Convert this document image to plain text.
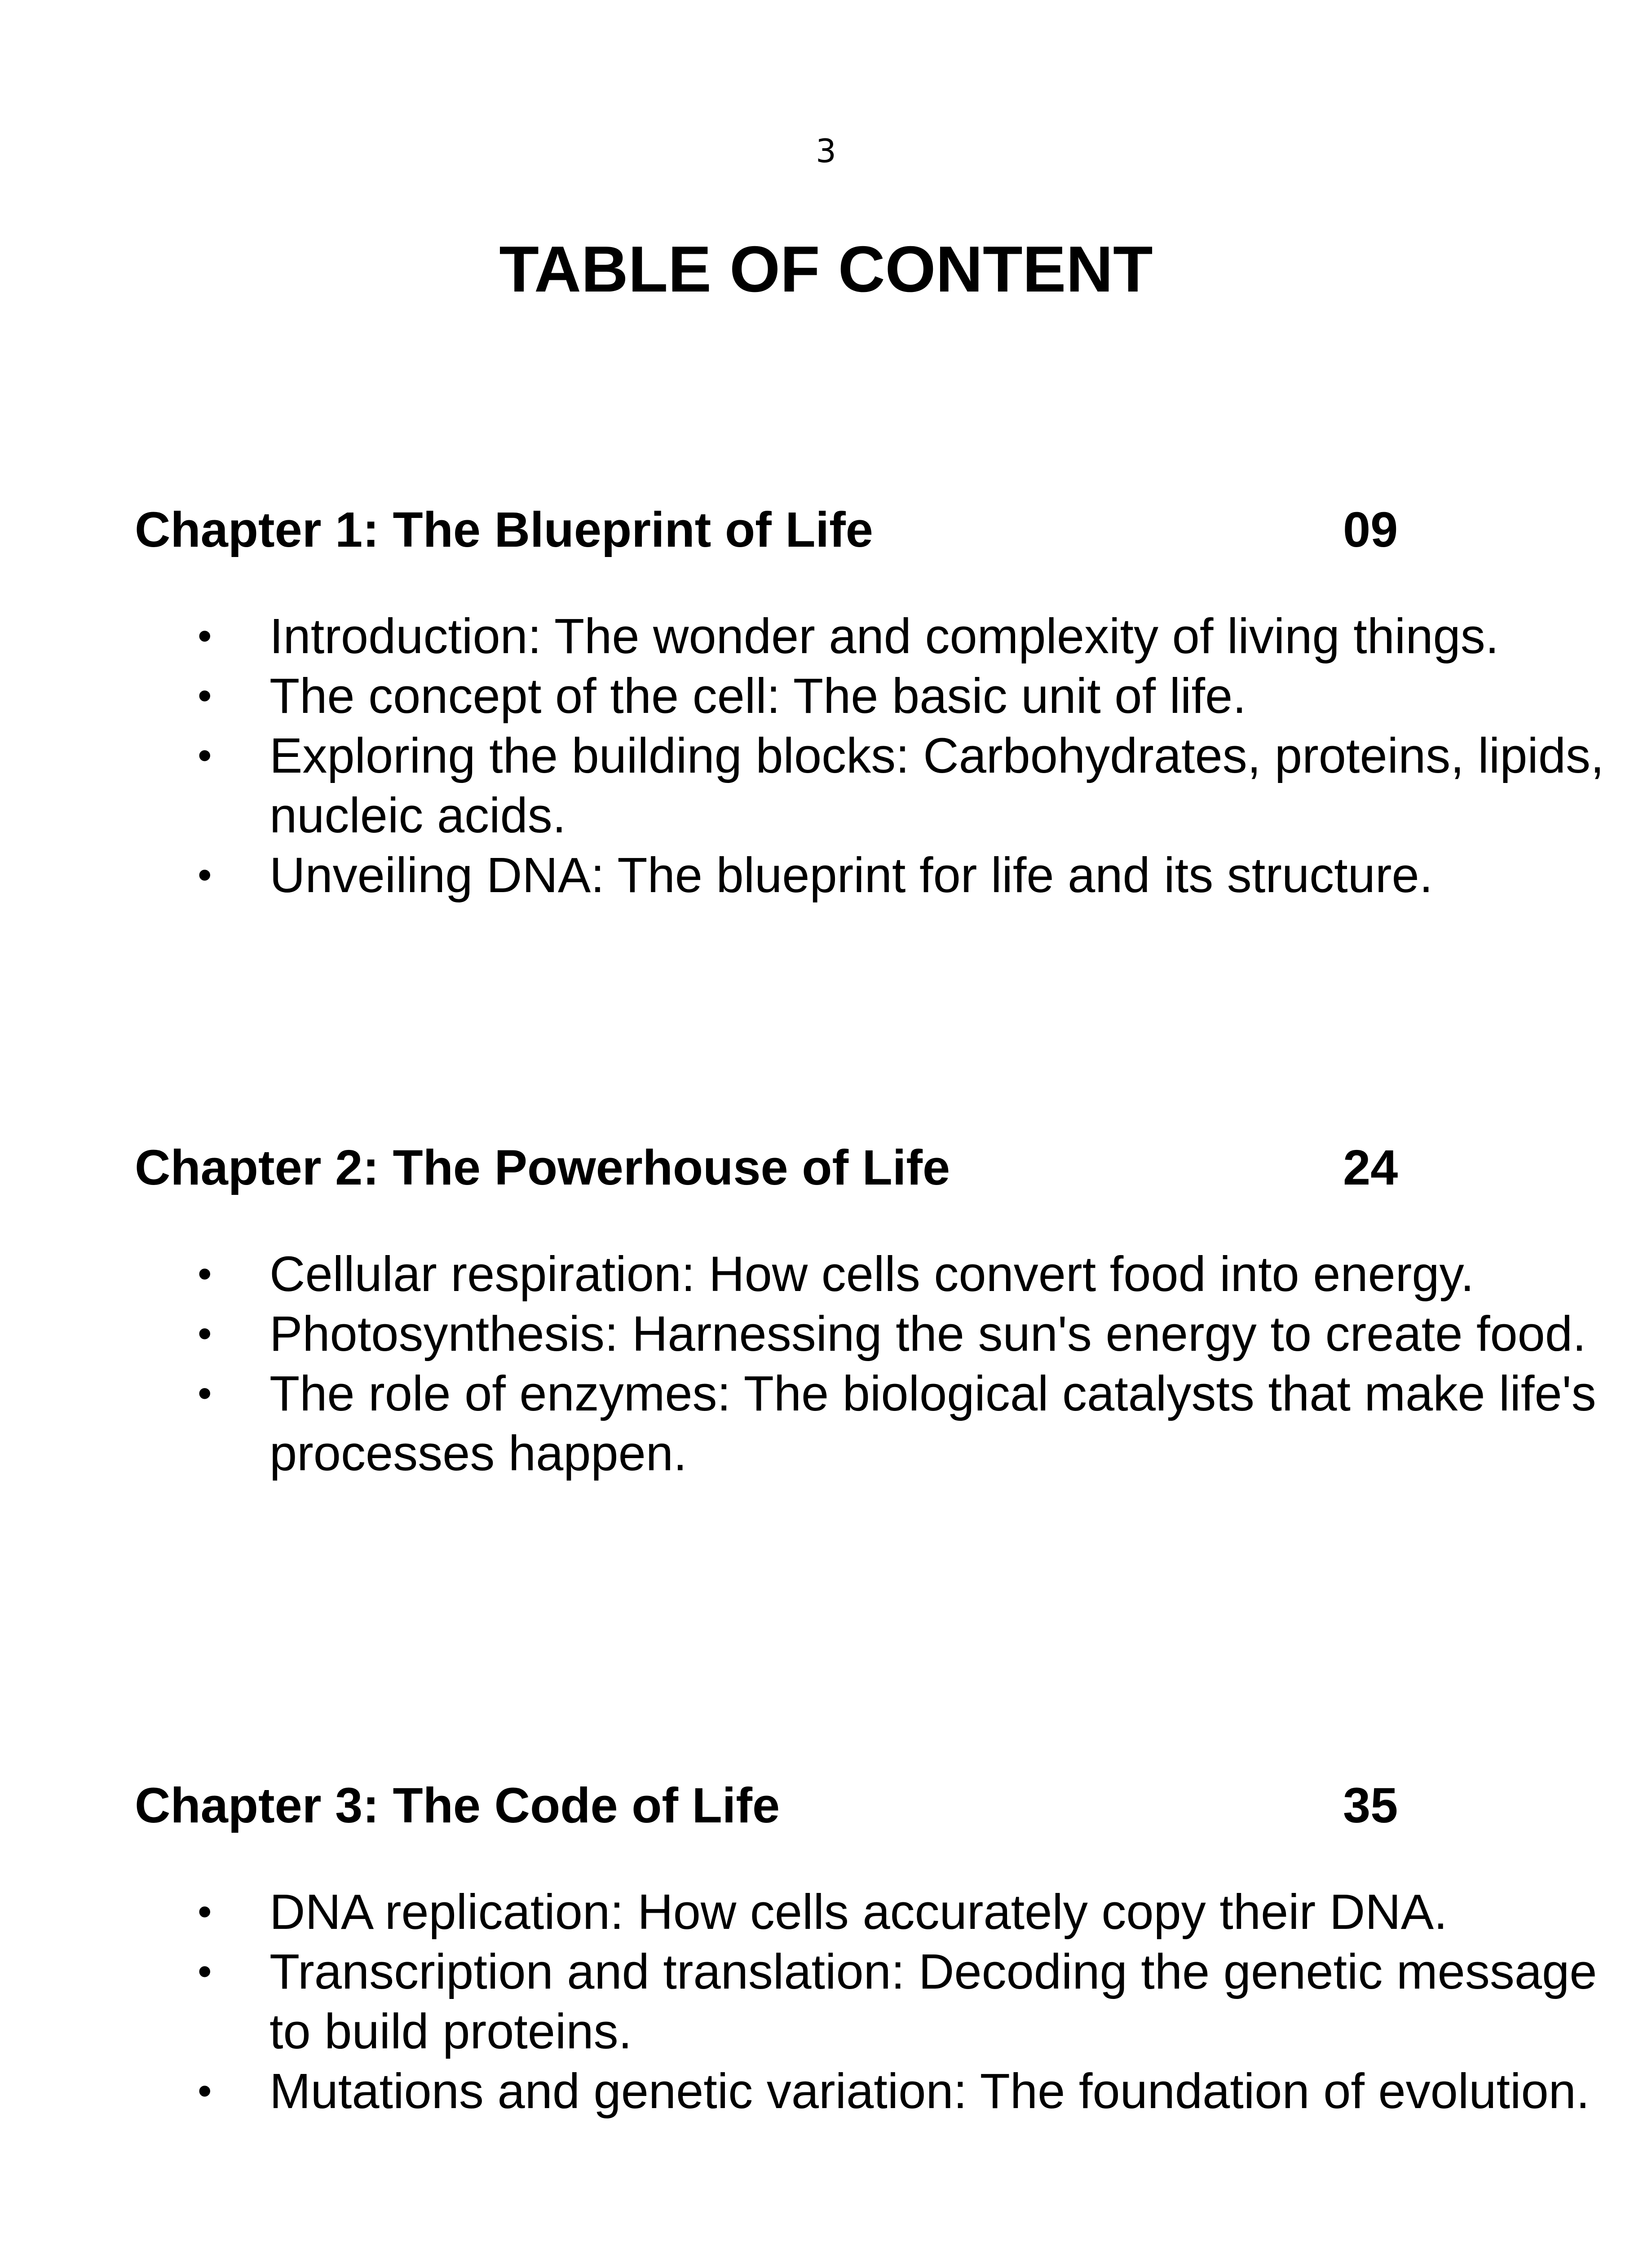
3
TABLE OF CONTENT
Chapter 1: The Blueprint of Life	09
• Introduction: The wonder and complexity of living things.
• The concept of the cell: The basic unit of life.
• Exploring the building blocks: Carbohydrates, proteins, lipids, nucleic acids.
• Unveiling DNA: The blueprint for life and its structure.
Chapter 2: The Powerhouse of Life	24
• Cellular respiration: How cells convert food into energy.
• Photosynthesis: Harnessing the sun's energy to create food.
• The role of enzymes: The biological catalysts that make life's processes happen.
Chapter 3: The Code of Life	35
• DNA replication: How cells accurately copy their DNA.
• Transcription and translation: Decoding the genetic message to build proteins.
• Mutations and genetic variation: The foundation of evolution.
